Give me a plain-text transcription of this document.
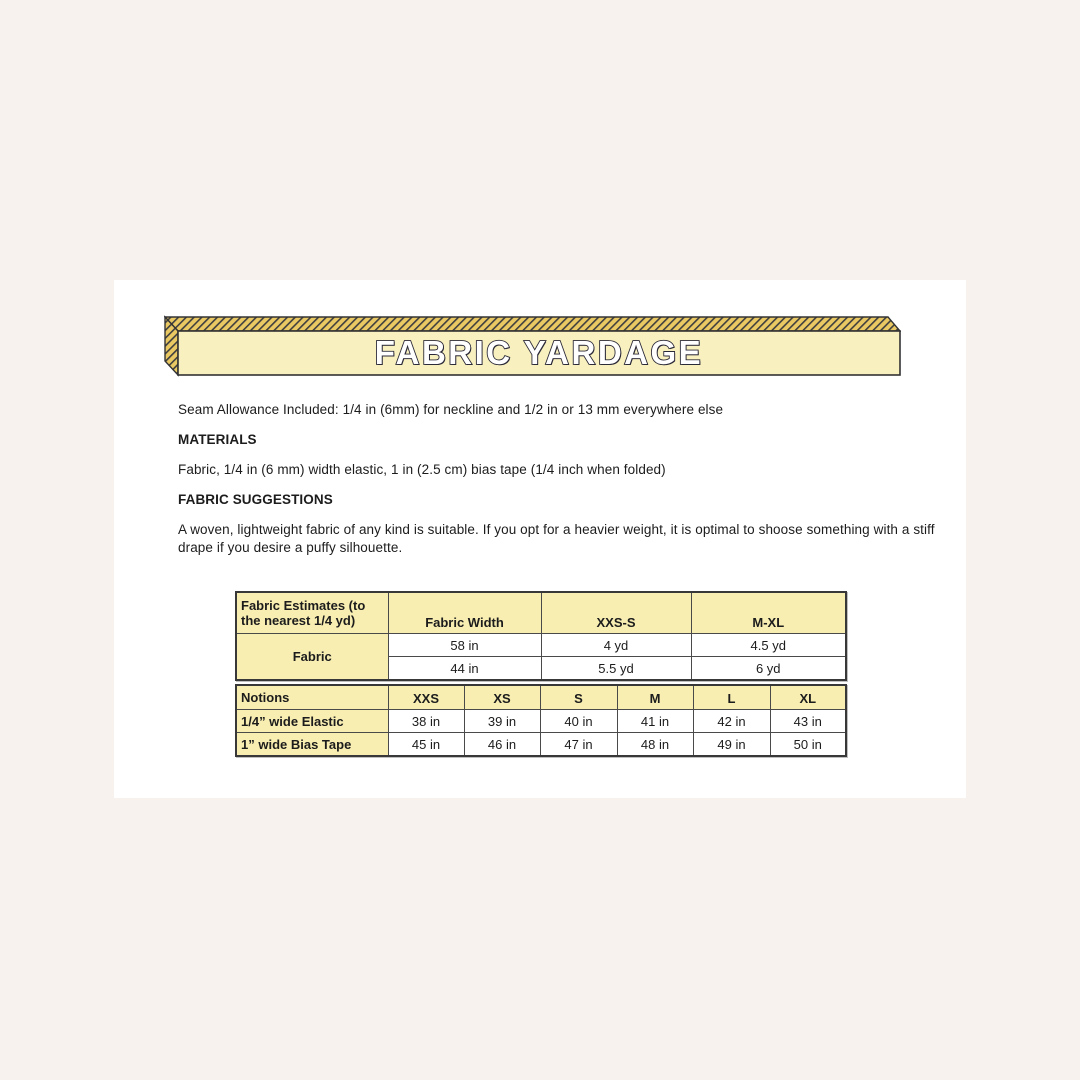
FABRIC YARDAGE
Seam Allowance Included: 1/4 in (6mm) for neckline and 1/2 in or 13 mm everywhere else
MATERIALS
Fabric, 1/4 in (6 mm) width elastic, 1 in (2.5 cm) bias tape (1/4 inch when folded)
FABRIC SUGGESTIONS
A woven, lightweight fabric of any kind is suitable. If you opt for a heavier weight, it is optimal to shoose something with a stiff drape if you desire a puffy silhouette.
Fabric Estimates (to the nearest 1/4 yd)	Fabric Width	XXS-S	M-XL
Fabric	58 in	4 yd	4.5 yd
	44 in	5.5 yd	6 yd
Notions	XXS	XS	S	M	L	XL
1/4” wide Elastic	38 in	39 in	40 in	41 in	42 in	43 in
1” wide Bias Tape	45 in	46 in	47 in	48 in	49 in	50 in
